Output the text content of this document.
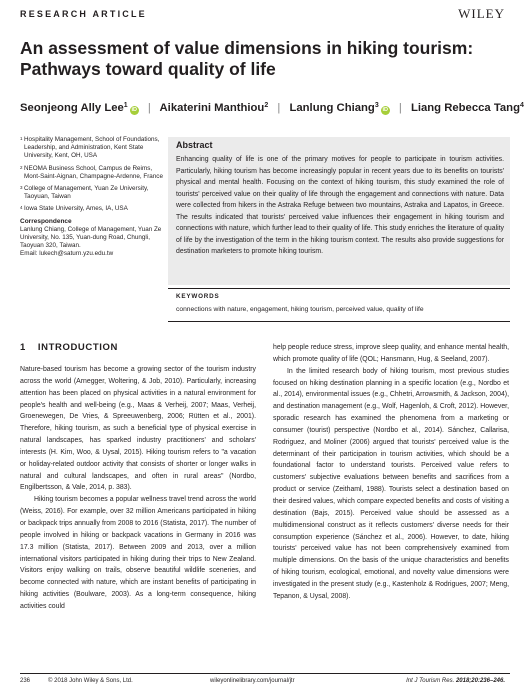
RESEARCH ARTICLE	WILEY
An assessment of value dimensions in hiking tourism: Pathways toward quality of life
Seonjeong Ally Lee$^1$iD | Aikaterini Manthiou$^2$ | Lanlung Chiang$^3$iD | Liang Rebecca Tang$^4$
1 Hospitality Management, School of Foundations, Leadership, and Administration, Kent State University, Kent, OH, USA
2 NEOMA Business School, Campus de Reims, Mont-Saint-Aignan, Champagne-Ardenne, France
3 College of Management, Yuan Ze University, Taoyuan, Taiwan
4 Iowa State University, Ames, IA, USA
Correspondence
Lanlung Chiang, College of Management, Yuan Ze University, No. 135, Yuan-dung Road, Chungli, Taoyuan 320, Taiwan.
Email: lukech@saturn.yzu.edu.tw
Abstract

Enhancing quality of life is one of the primary motives for people to participate in tourism activities. Particularly, hiking tourism has become increasingly popular in recent years due to its benefits on tourists' physical and mental health. Focusing on the context of hiking tourism, this study examined the role of tourists' perceived value on their quality of life through the engagement and connections with nature. Data were collected from hikers in the Astraka Refuge between two mountains, Astraka and Lapatos, in Greece. The results indicated that tourists' perceived value influences their engagement in hiking tourism and connections with nature, which further lead to their quality of life. This study enriches the literature of quality of life by the investigation of the term in the hiking tourism context. The results also provide suggestions for destination marketers to promote hiking tourism.

KEYWORDS
connections with nature, engagement, hiking tourism, perceived value, quality of life
1 INTRODUCTION

Nature-based tourism has become a growing sector of the tourism industry across the world (Arnegger, Woltering, & Job, 2010). Particularly, increasing attention has been placed on physical activities in a natural environment for people's health and well-being (e.g., Maas & Verheij, 2007; Maas, Verheij, Groenewegen, De Vries, & Spreeuwenberg, 2006; Rütten et al., 2001). Therefore, hiking tourism, as such a beneficial type of physical exercise in natural landscapes, has sparked industry practitioners' and scholars' interests (H. Kim, Woo, & Uysal, 2015). Hiking tourism refers to "a vacation or holiday-related outdoor activity that consists of shorter or longer walks in natural and cultural landscapes, and often in rural areas" (Nordbo, Engilbertsson, & Vale, 2014, p. 383).

Hiking tourism becomes a popular wellness travel trend across the world (Weiss, 2016). For example, over 32 million Americans participated in hiking or backpack trips annually from 2008 to 2016 (Statista, 2017). The number of people involved in hiking or backpack vacations in Germany in 2016 was 17.3 million (Statista, 2017). Between 2009 and 2013, over a million international visitors participated in hiking during their trips to New Zealand. Visitors enjoy walking on trails, observe beautiful wildlife sceneries, and become connected with nature, which are instant benefits of participating in hiking activities (Boulware, 2003). As a long-term consequence, hiking activities could

help people reduce stress, improve sleep quality, and enhance mental health, which promote quality of life (QOL; Hansmann, Hug, & Seeland, 2007).

In the limited research body of hiking tourism, most previous studies focused on hiking destination planning in a specific location (e.g., Nordbo et al., 2014), environmental issues (e.g., Chhetri, Arrowsmith, & Jackson, 2004), and destination management (e.g., Wolf, Hagenloh, & Croft, 2012). However, sporadic research has examined the phenomena from a marketing or consumer (tourist) perspective (Nordbo et al., 2014). Sánchez, Callarisa, Rodriguez, and Moliner (2006) argued that tourists' perceived value is the determinant of their participation in tourism activities, which should be a foundational factor to understand tourists. Perceived value refers to customers' subjective evaluations between benefits and sacrifices from a product or service (Zeithaml, 1988). Tourists select a destination based on their desired values, which compare expected benefits and costs of visiting a destination (Bajs, 2015). Perceived value should be assessed as a multidimensional construct as it reflects customers' diverse needs for their consumption experience (Sánchez et al., 2006). However, to date, hiking tourists' perceived value has not been comprehensively examined from multiple dimensions. On the basis of the unique characteristics and benefits of hiking tourism, ecological, emotional, and novelty value dimensions were investigated in the present study (e.g., Kastenholz & Rodrigues, 2007; Meng, Tepanon, & Uysal, 2008).

236	© 2018 John Wiley & Sons, Ltd.	wileyonlinelibrary.com/journal/jtr	Int J Tourism Res. 2018;20:236–246.
